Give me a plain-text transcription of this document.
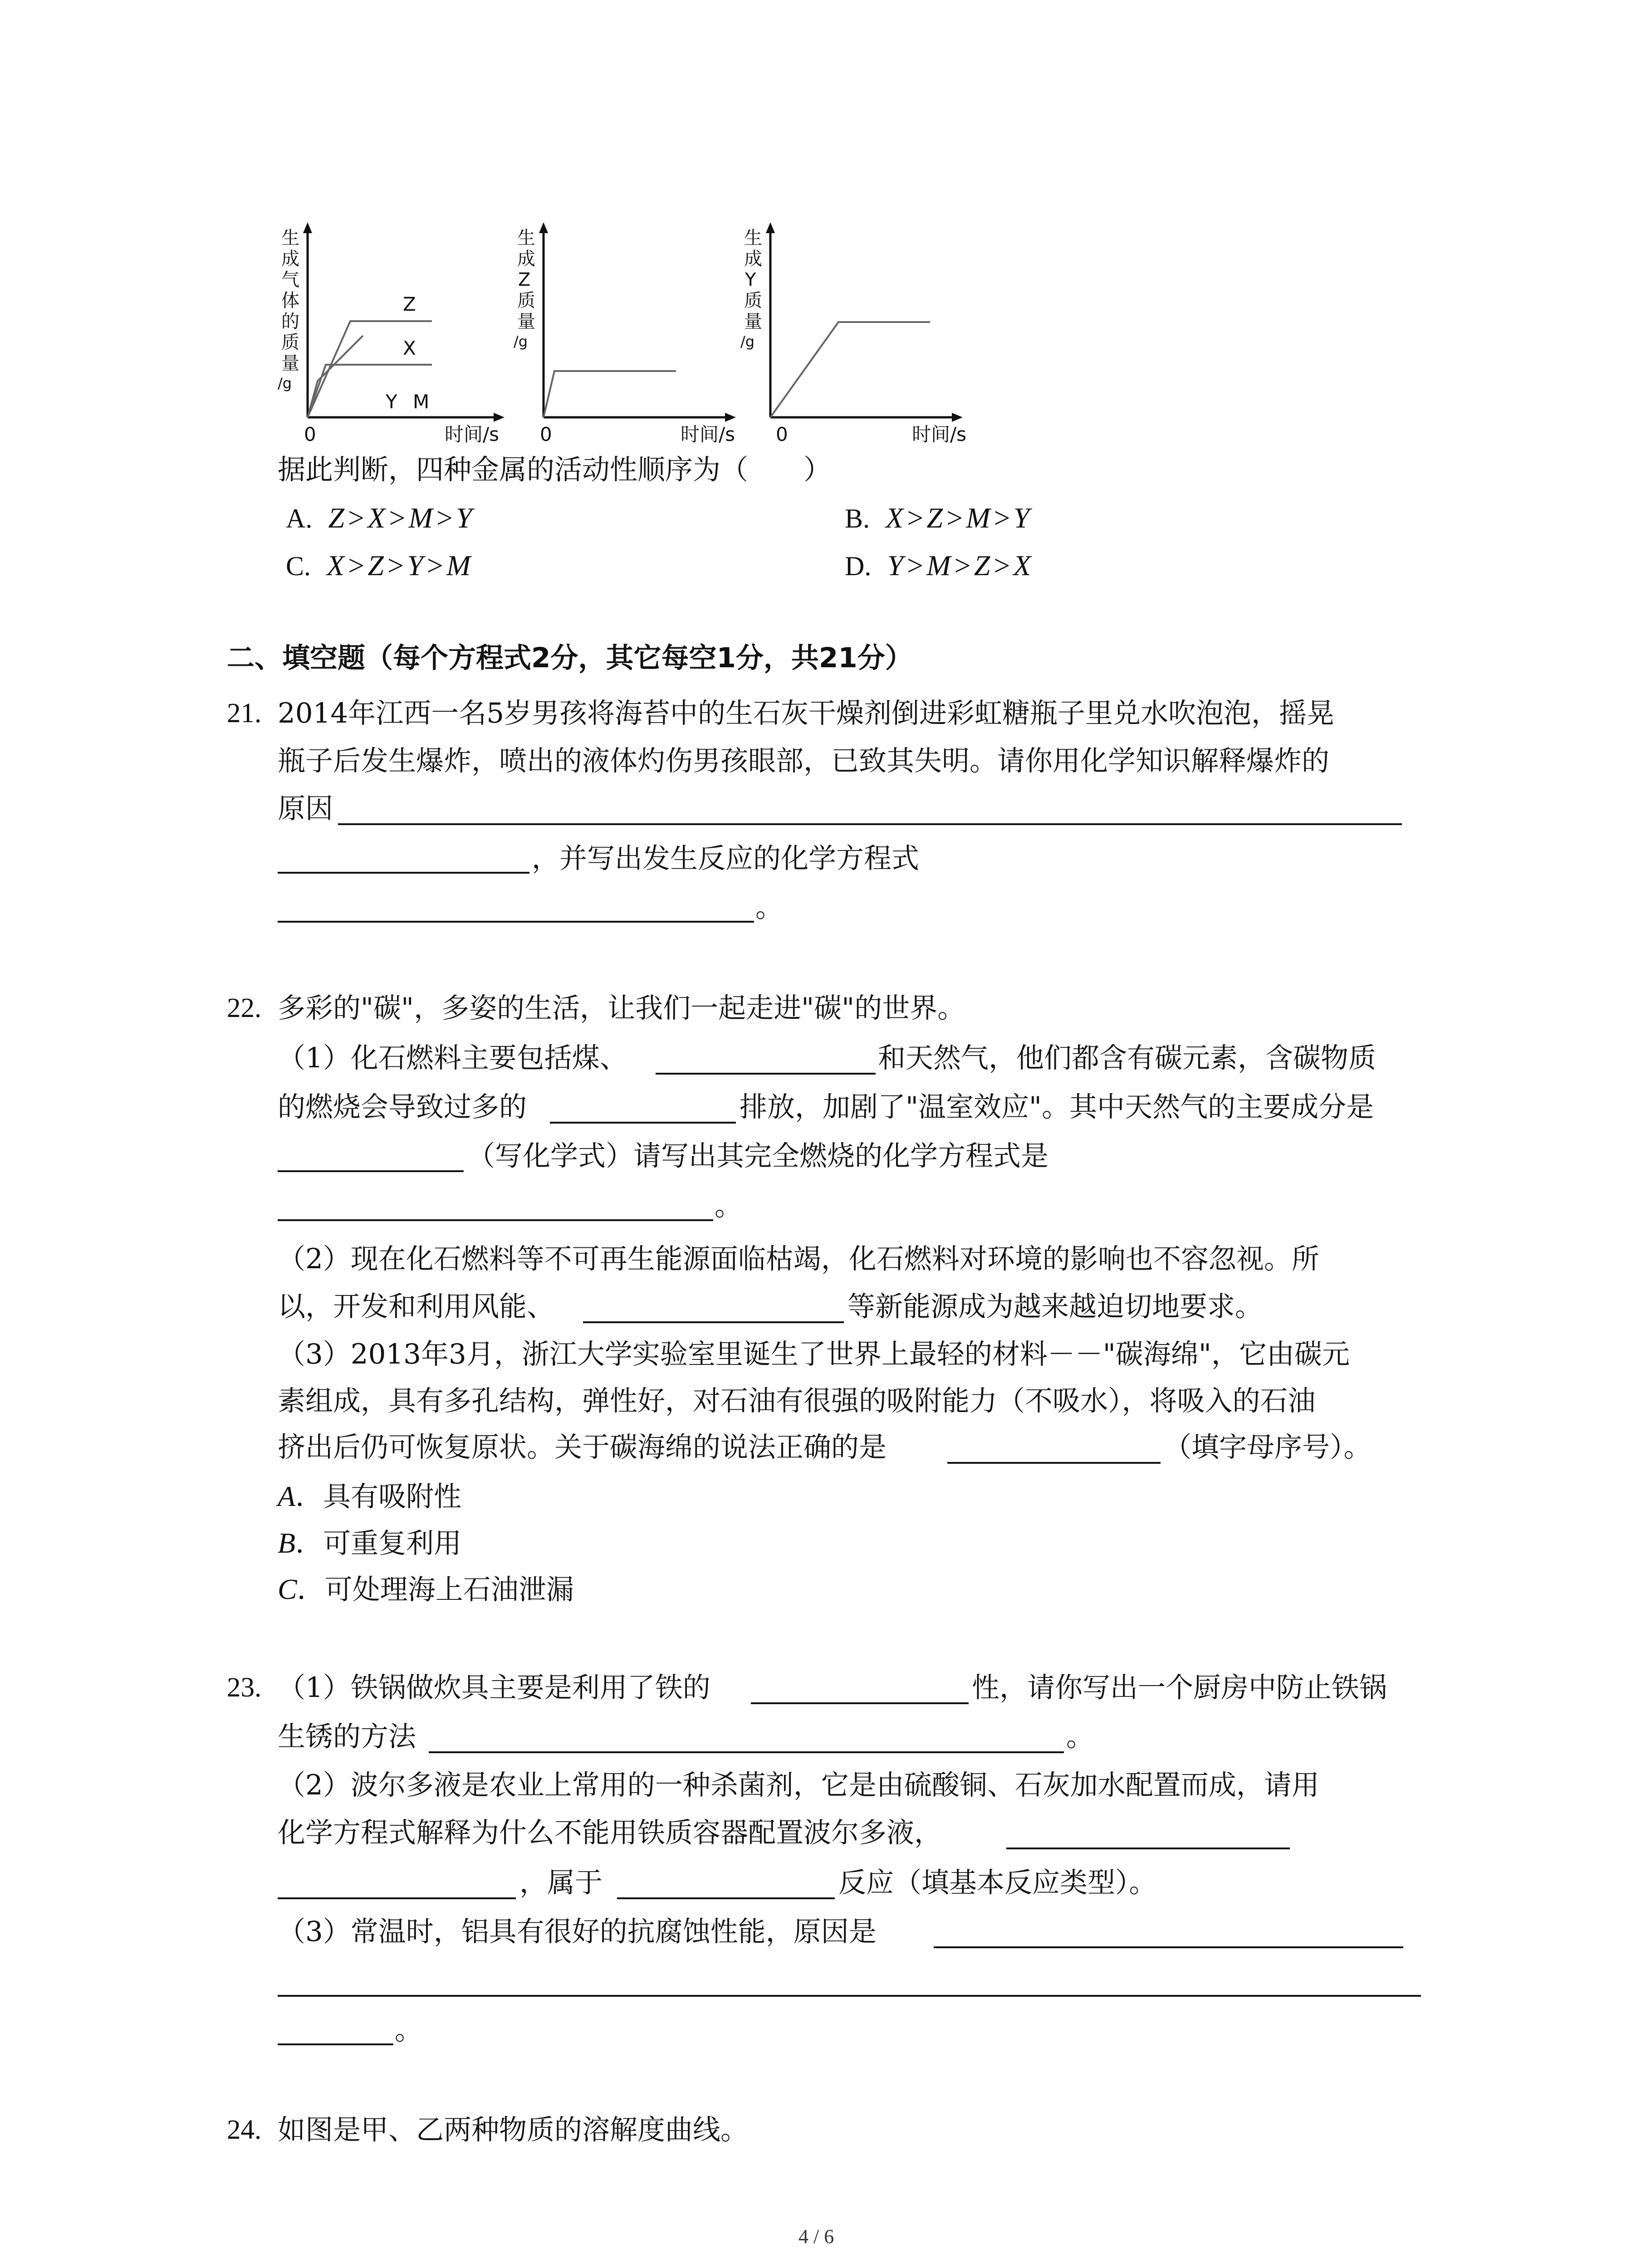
Z
X
Y M
0	时间/s
生
成
气
体
的
质
量
/g
0	时间/s
生
成
Z
质
量
/g
0	时间/s
生
成
Y
质
量
/g
据此判断，四种金属的活动性顺序为（　　）
A. Z>X>M>Y	B. X>Z>M>Y
C. X>Z>Y>M	D. Y>M>Z>X
二、填空题（每个方程式2分，其它每空1分，共21分）
21. 2014年江西一名5岁男孩将海苔中的生石灰干燥剂倒进彩虹糖瓶子里兑水吹泡泡，摇晃
瓶子后发生爆炸，喷出的液体灼伤男孩眼部，已致其失明。请你用化学知识解释爆炸的
原因
，并写出发生反应的化学方程式
。
22. 多彩的"碳"，多姿的生活，让我们一起走进"碳"的世界。
（1）化石燃料主要包括煤、	和天然气，他们都含有碳元素，含碳物质
的燃烧会导致过多的	排放，加剧了"温室效应"。其中天然气的主要成分是
（写化学式）请写出其完全燃烧的化学方程式是
。
（2）现在化石燃料等不可再生能源面临枯竭，化石燃料对环境的影响也不容忽视。所
以，开发和利用风能、	等新能源成为越来越迫切地要求。
（3）2013年3月，浙江大学实验室里诞生了世界上最轻的材料－－"碳海绵"，它由碳元
素组成，具有多孔结构，弹性好，对石油有很强的吸附能力（不吸水），将吸入的石油
挤出后仍可恢复原状。关于碳海绵的说法正确的是	（填字母序号）。
A．具有吸附性
B．可重复利用
C．可处理海上石油泄漏
23. （1）铁锅做炊具主要是利用了铁的	性，请你写出一个厨房中防止铁锅
生锈的方法	。
（2）波尔多液是农业上常用的一种杀菌剂，它是由硫酸铜、石灰加水配置而成，请用
化学方程式解释为什么不能用铁质容器配置波尔多液，
，属于	反应（填基本反应类型）。
（3）常温时，铝具有很好的抗腐蚀性能，原因是
。
24. 如图是甲、乙两种物质的溶解度曲线。
4 / 6
